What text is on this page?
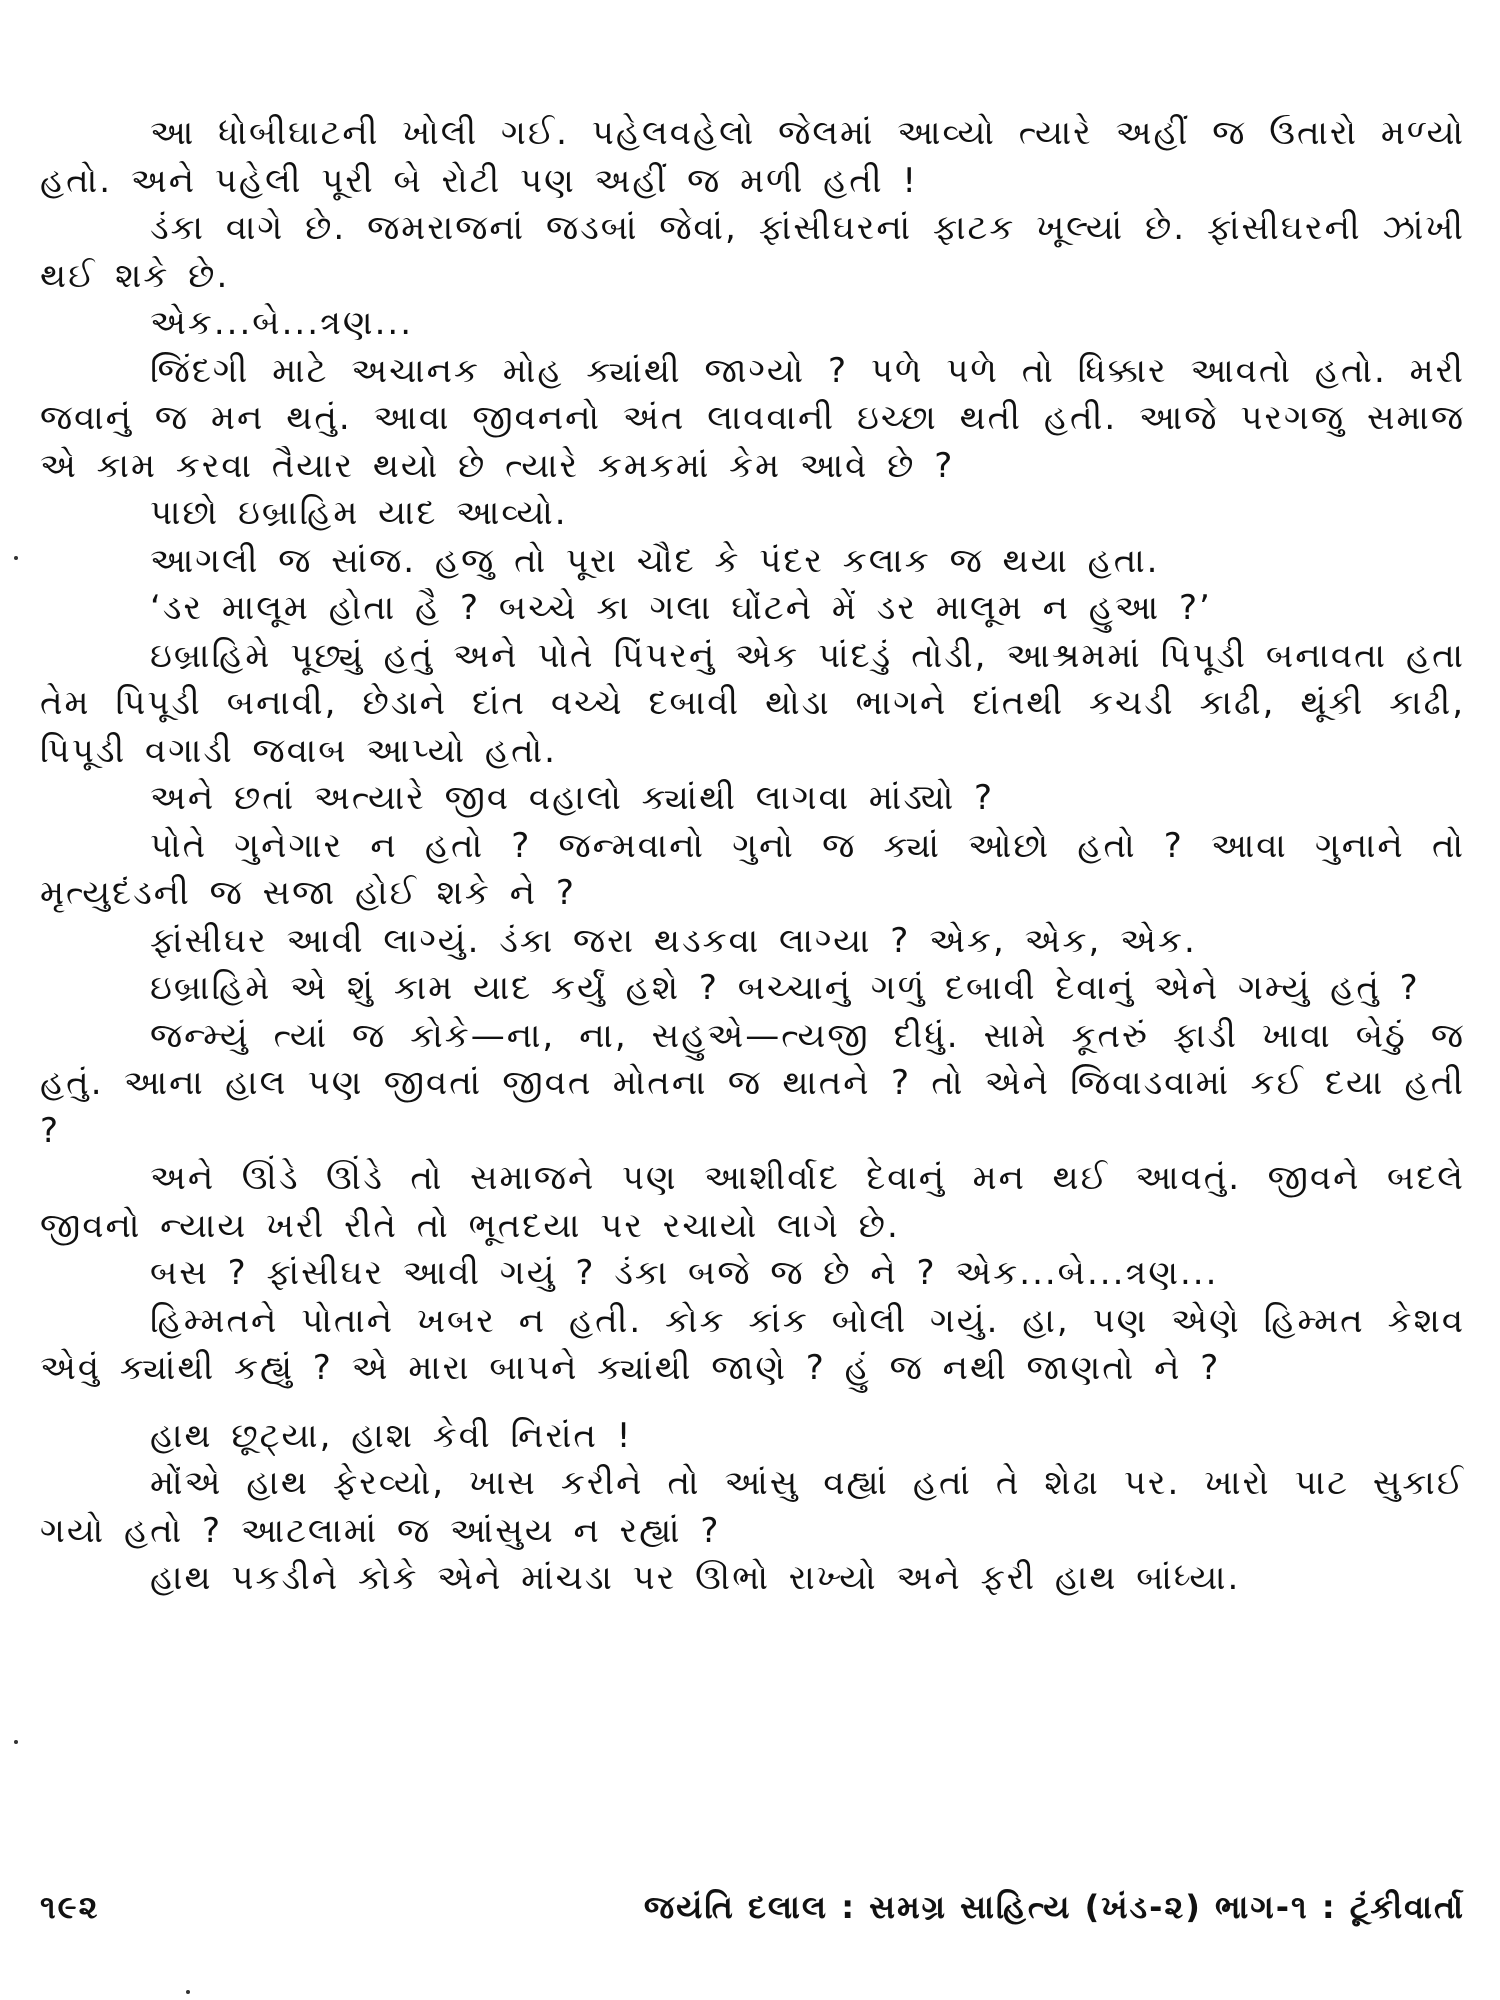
આ ધોબીઘાટની ખોલી ગઈ. પહેલવહેલો જેલમાં આવ્યો ત્યારે અહીં જ ઉતારો મળ્યો હતો. અને પહેલી પૂરી બે રોટી પણ અહીં જ મળી હતી !

ડંકા વાગે છે. જમરાજનાં જડબાં જેવાં, ફાંસીઘરનાં ફાટક ખૂલ્યાં છે. ફાંસીઘરની ઝાંખી થઈ શકે છે.

એક...બે...ત્રણ...

જિંદગી માટે અચાનક મોહ ક્યાંથી જાગ્યો ? પળે પળે તો ધિક્કાર આવતો હતો. મરી જવાનું જ મન થતું. આવા જીવનનો અંત લાવવાની ઇચ્છા થતી હતી. આજે પરગજુ સમાજ એ કામ કરવા તૈયાર થયો છે ત્યારે કમકમાં કેમ આવે છે ?

પાછો ઇબ્રાહિમ યાદ આવ્યો.

આગલી જ સાંજ. હજુ તો પૂરા ચૌદ કે પંદર કલાક જ થયા હતા.

‘ડર માલૂમ હોતા હૈ ? બચ્ચે કા ગલા ઘોંટને મેં ડર માલૂમ ન હુઆ ?’

ઇબ્રાહિમે પૂછ્યું હતું અને પોતે પિંપરનું એક પાંદડું તોડી, આશ્રમમાં પિપૂડી બનાવતા હતા તેમ પિપૂડી બનાવી, છેડાને દાંત વચ્ચે દબાવી થોડા ભાગને દાંતથી કચડી કાઢી, થૂંકી કાઢી, પિપૂડી વગાડી જવાબ આપ્યો હતો.

અને છતાં અત્યારે જીવ વહાલો ક્યાંથી લાગવા માંડ્યો ?

પોતે ગુનેગાર ન હતો ? જન્મવાનો ગુનો જ ક્યાં ઓછો હતો ? આવા ગુનાને તો મૃત્યુદંડની જ સજા હોઈ શકે ને ?

ફાંસીઘર આવી લાગ્યું. ડંકા જરા થડકવા લાગ્યા ? એક, એક, એક.

ઇબ્રાહિમે એ શું કામ યાદ કર્યું હશે ? બચ્ચાનું ગળું દબાવી દેવાનું એને ગમ્યું હતું ?

જન્મ્યું ત્યાં જ કોકે—ના, ના, સહુએ—ત્યજી દીધું. સામે કૂતરું ફાડી ખાવા બેઠું જ હતું. આના હાલ પણ જીવતાં જીવત મોતના જ થાતને ? તો એને જિવાડવામાં કઈ દયા હતી ?

અને ઊંડે ઊંડે તો સમાજને પણ આશીર્વાદ દેવાનું મન થઈ આવતું. જીવને બદલે જીવનો ન્યાય ખરી રીતે તો ભૂતદયા પર રચાયો લાગે છે.

બસ ? ફાંસીઘર આવી ગયું ? ડંકા બજે જ છે ને ? એક...બે...ત્રણ...

હિમ્મતને પોતાને ખબર ન હતી. કોક કાંક બોલી ગયું. હા, પણ એણે હિમ્મત કેશવ એવું ક્યાંથી કહ્યું ? એ મારા બાપને ક્યાંથી જાણે ? હું જ નથી જાણતો ને ?

હાથ છૂટ્યા, હાશ કેવી નિરાંત !

મોંએ હાથ ફેરવ્યો, ખાસ કરીને તો આંસુ વહ્યાં હતાં તે શેઢા પર. ખારો પાટ સુકાઈ ગયો હતો ? આટલામાં જ આંસુય ન રહ્યાં ?

હાથ પકડીને કોકે એને માંચડા પર ઊભો રાખ્યો અને ફરી હાથ બાંધ્યા.

૧૯૨	જયંતિ દલાલ : સમગ્ર સાહિત્ય (ખંડ-૨) ભાગ-૧ : ટૂંકીવાર્તા
